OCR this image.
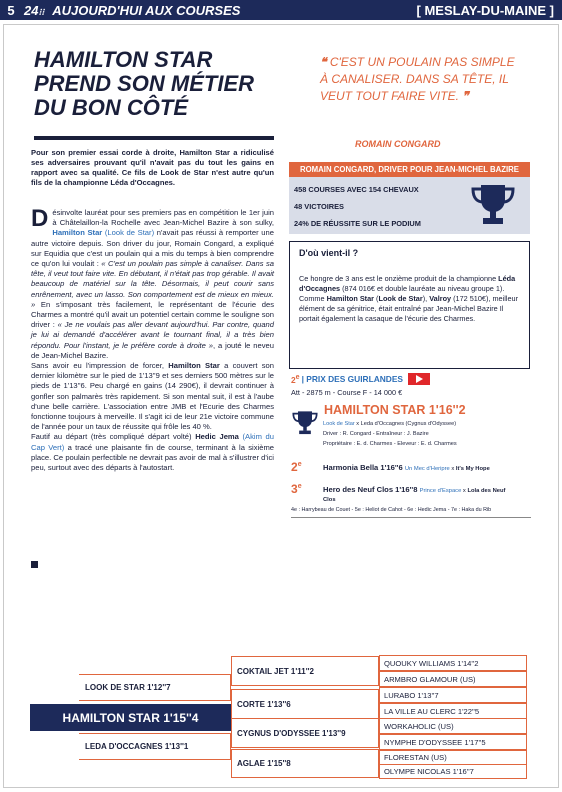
5 24⁝⁝ AUJOURD'HUI AUX COURSES	[ MESLAY-DU-MAINE ]
HAMILTON STAR PREND SON MÉTIER DU BON CÔTÉ

Pour son premier essai corde à droite, Hamilton Star a ridiculisé ses adversaires prouvant qu'il n'avait pas du tout les gains en rapport avec sa qualité. Ce fils de Look de Star n'est autre qu'un fils de la championne Léda d'Occagnes.

Désinvolte lauréat pour ses premiers pas en compétition le 1er juin à Châtelaillon-la Rochelle avec Jean-Michel Bazire à son sulky, Hamilton Star (Look de Star) n'avait pas réussi à remporter une autre victoire depuis. Son driver du jour, Romain Congard, a expliqué sur Equidia que c'est un poulain qui a mis du temps à bien comprendre ce qu'on lui voulait : « C'est un poulain pas simple à canaliser. Dans sa tête, il veut tout faire vite. En débutant, il n'était pas trop gérable. Il avait beaucoup de matériel sur la tête. Désormais, il peut courir sans enrênement, avec un lasso. Son comportement est de mieux en mieux. » En s'imposant très facilement, le représentant de l'écurie des Charmes a montré qu'il avait un potentiel certain comme le souligne son driver : « Je ne voulais pas aller devant aujourd'hui. Par contre, quand je lui ai demandé d'accélérer avant le tournant final, il a très bien répondu. Pour l'instant, je le préfère corde à droite », a jouté le neveu de Jean-Michel Bazire.

Sans avoir eu l'impression de forcer, Hamilton Star a couvert son dernier kilomètre sur le pied de 1'13''9 et ses derniers 500 mètres sur le pieds de 1'13''6. Peu chargé en gains (14 290€), il devrait continuer à gonfler son palmarès très rapidement. Si son mental suit, il est à l'aube d'une belle carrière. L'association entre JMB et l'Ecurie des Charmes fonctionne toujours à merveille. Il s'agit ici de leur 21e victoire commune de l'année pour un taux de réussite qui frôle les 40 %.

Fautif au départ (très compliqué départ volté) Hedic Jema (Akim du Cap Vert) a tracé une plaisante fin de course, terminant à la sixième place. Ce poulain perfectible ne devrait pas avoir de mal à s'illustrer d'ici peu, surtout avec des départs à l'autostart.

❝ C'EST UN POULAIN PAS SIMPLE À CANALISER. DANS SA TÊTE, IL VEUT TOUT FAIRE VITE. ❞
ROMAIN CONGARD
ROMAIN CONGARD, DRIVER POUR JEAN-MICHEL BAZIRE
458 COURSES AVEC 154 CHEVAUX
48 VICTOIRES
24% DE RÉUSSITE SUR LE PODIUM
D'où vient-il ?

Ce hongre de 3 ans est le onzième produit de la championne Léda d'Occagnes (874 016€ et double lauréate au niveau groupe 1). Comme Hamilton Star (Look de Star), Valroy (172 510€), meilleur élément de sa génitrice, était entraîné par Jean-Michel Bazire Il portait également la casaque de l'écurie des Charmes.

2e | PRIX DES GUIRLANDES
Att - 2875 m - Course F - 14 000 €
HAMILTON STAR 1'16''2
Look de Star x Leda d'Occagnes (Cygnus d'Odyssee)
Driver : R. Congard - Entraîneur : J. Bazire
Propriétaire : E. d. Charmes - Eleveur : E. d. Charmes
2e	Harmonia Bella 1'16''6 Un Mec d'Heripre x It's My Hope
3e	Hero des Neuf Clos 1'16''8 Prince d'Espace x Lola des Neuf
Clos
4e : Harrybeau de Couet - 5e : Heliot de Cahot - 6e : Hedic Jema - 7e : Haka du Rib
HAMILTON STAR 1'15''4
LOOK DE STAR 1'12''7
LEDA D'OCCAGNES 1'13''1
COKTAIL JET 1'11''2
CORTE 1'13''6
CYGNUS D'ODYSSEE 1'13''9
AGLAE 1'15''8
QUOUKY WILLIAMS 1'14''2
ARMBRO GLAMOUR (US)
LURABO 1'13''7
LA VILLE AU CLERC 1'22''5
WORKAHOLIC (US)
NYMPHE D'ODYSSEE 1'17''5
FLORESTAN (US)
OLYMPE NICOLAS 1'16''7
